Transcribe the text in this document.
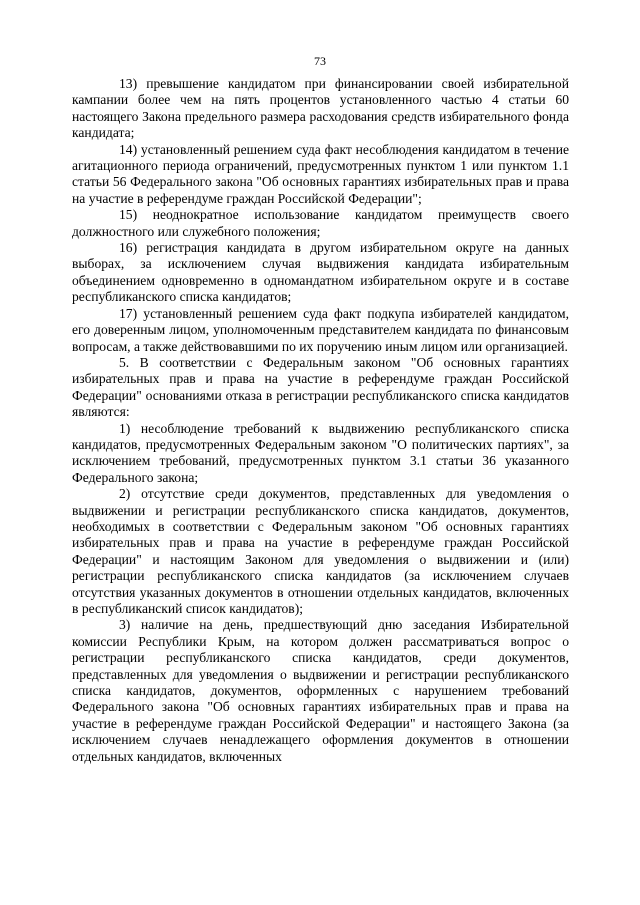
73

13) превышение кандидатом при финансировании своей избирательной кампании более чем на пять процентов установленного частью 4 статьи 60 настоящего Закона предельного размера расходования средств избирательного фонда кандидата;

14) установленный решением суда факт несоблюдения кандидатом в течение агитационного периода ограничений, предусмотренных пунктом 1 или пунктом 1.1 статьи 56 Федерального закона "Об основных гарантиях избирательных прав и права на участие в референдуме граждан Российской Федерации";

15) неоднократное использование кандидатом преимуществ своего должностного или служебного положения;

16) регистрация кандидата в другом избирательном округе на данных выборах, за исключением случая выдвижения кандидата избирательным объединением одновременно в одномандатном избирательном округе и в составе республиканского списка кандидатов;

17) установленный решением суда факт подкупа избирателей кандидатом, его доверенным лицом, уполномоченным представителем кандидата по финансовым вопросам, а также действовавшими по их поручению иным лицом или организацией.

5. В соответствии с Федеральным законом "Об основных гарантиях избирательных прав и права на участие в референдуме граждан Российской Федерации" основаниями отказа в регистрации республиканского списка кандидатов являются:

1) несоблюдение требований к выдвижению республиканского списка кандидатов, предусмотренных Федеральным законом "О политических партиях", за исключением требований, предусмотренных пунктом 3.1 статьи 36 указанного Федерального закона;

2) отсутствие среди документов, представленных для уведомления о выдвижении и регистрации республиканского списка кандидатов, документов, необходимых в соответствии с Федеральным законом "Об основных гарантиях избирательных прав и права на участие в референдуме граждан Российской Федерации" и настоящим Законом для уведомления о выдвижении и (или) регистрации республиканского списка кандидатов (за исключением случаев отсутствия указанных документов в отношении отдельных кандидатов, включенных в республиканский список кандидатов);

3) наличие на день, предшествующий дню заседания Избирательной комиссии Республики Крым, на котором должен рассматриваться вопрос о регистрации республиканского списка кандидатов, среди документов, представленных для уведомления о выдвижении и регистрации республиканского списка кандидатов, документов, оформленных с нарушением требований Федерального закона "Об основных гарантиях избирательных прав и права на участие в референдуме граждан Российской Федерации" и настоящего Закона (за исключением случаев ненадлежащего оформления документов в отношении отдельных кандидатов, включенных
